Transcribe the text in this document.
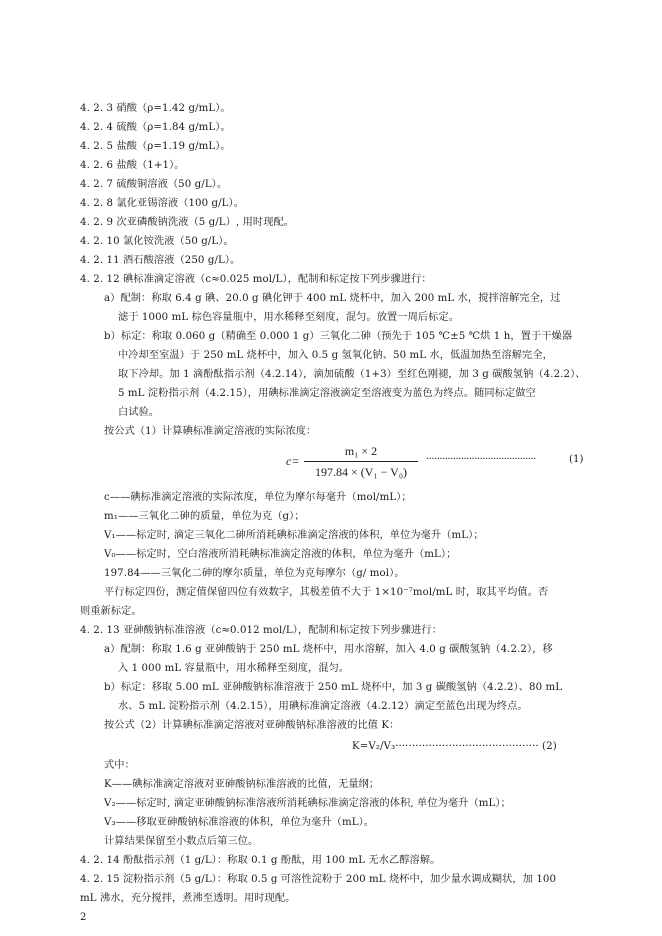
4. 2. 3 硝酸（ρ=1.42 g/mL）。
4. 2. 4 硫酸（ρ=1.84 g/mL）。
4. 2. 5 盐酸（ρ=1.19 g/mL）。
4. 2. 6 盐酸（1+1）。
4. 2. 7 硫酸铜溶液（50 g/L）。
4. 2. 8 氯化亚锡溶液（100 g/L）。
4. 2. 9 次亚磷酸钠洗液（5 g/L）, 用时现配。
4. 2. 10 氯化铵洗液（50 g/L）。
4. 2. 11 酒石酸溶液（250 g/L）。
4. 2. 12 碘标准滴定溶液（c≈0.025 mol/L），配制和标定按下列步骤进行：
a）配制：称取 6.4 g 碘、20.0 g 碘化钾于 400 mL 烧杯中，加入 200 mL 水，搅拌溶解完全，过
滤于 1000 mL 棕色容量瓶中，用水稀释至刻度，混匀。放置一周后标定。
b）标定：称取 0.060 g（精确至 0.000 1 g）三氧化二砷（预先于 105 ℃±5 ℃烘 1 h，置于干燥器
中冷却至室温）于 250 mL 烧杯中，加入 0.5 g 氢氧化钠、50 mL 水，低温加热至溶解完全，
取下冷却。加 1 滴酚酞指示剂（4.2.14），滴加硫酸（1+3）至红色刚褪，加 3 g 碳酸氢钠（4.2.2）、
5 mL 淀粉指示剂（4.2.15），用碘标准滴定溶液滴定至溶液变为蓝色为终点。随同标定做空
白试验。
按公式（1）计算碘标准滴定溶液的实际浓度：
c=
m₁ × 2
197.84 × (V₁ − V₀)
·········································	(1)
c——碘标准滴定溶液的实际浓度，单位为摩尔每毫升（mol/mL）；
m₁——三氧化二砷的质量，单位为克（g）；
V₁——标定时, 滴定三氧化二砷所消耗碘标准滴定溶液的体积，单位为毫升（mL）；
V₀——标定时，空白溶液所消耗碘标准滴定溶液的体积，单位为毫升（mL）；
197.84——三氧化二砷的摩尔质量，单位为克每摩尔（g/ mol）。
平行标定四份，测定值保留四位有效数字，其极差值不大于 1×10⁻⁷mol/mL 时，取其平均值。否
则重新标定。
4. 2. 13 亚砷酸钠标准溶液（c≈0.012 mol/L），配制和标定按下列步骤进行：
a）配制：称取 1.6 g 亚砷酸钠于 250 mL 烧杯中，用水溶解，加入 4.0 g 碳酸氢钠（4.2.2），移
入 1 000 mL 容量瓶中，用水稀释至刻度，混匀。
b）标定：移取 5.00 mL 亚砷酸钠标准溶液于 250 mL 烧杯中，加 3 g 碳酸氢钠（4.2.2）、80 mL
水、5 mL 淀粉指示剂（4.2.15），用碘标准滴定溶液（4.2.12）滴定至蓝色出现为终点。
按公式（2）计算碘标准滴定溶液对亚砷酸钠标准溶液的比值 K：
K=V₂/V₃··········································· (2)
式中：
K——碘标准滴定溶液对亚砷酸钠标准溶液的比值，无量纲；
V₂——标定时, 滴定亚砷酸钠标准溶液所消耗碘标准滴定溶液的体积, 单位为毫升（mL）；
V₃——移取亚砷酸钠标准溶液的体积，单位为毫升（mL）。
计算结果保留至小数点后第三位。
4. 2. 14 酚酞指示剂（1 g/L）：称取 0.1 g 酚酞，用 100 mL 无水乙醇溶解。
4. 2. 15 淀粉指示剂（5 g/L）：称取 0.5 g 可溶性淀粉于 200 mL 烧杯中，加少量水调成糊状，加 100
mL 沸水，充分搅拌，煮沸至透明。用时现配。
2
